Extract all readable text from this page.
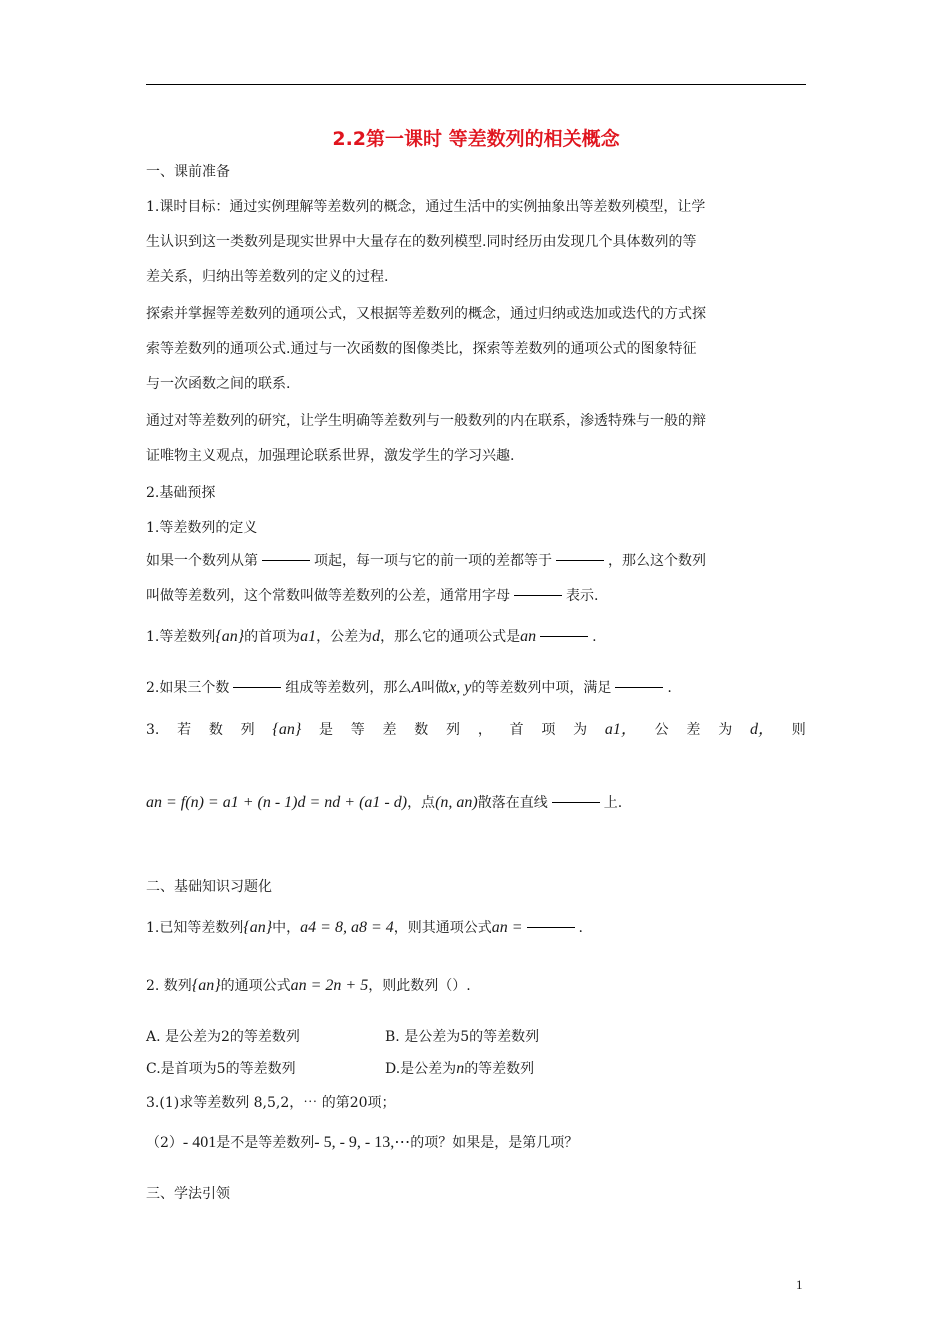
2.2第一课时 等差数列的相关概念
一、课前准备
1.课时目标：通过实例理解等差数列的概念，通过生活中的实例抽象出等差数列模型，让学
生认识到这一类数列是现实世界中大量存在的数列模型.同时经历由发现几个具体数列的等
差关系，归纳出等差数列的定义的过程.
探索并掌握等差数列的通项公式，又根据等差数列的概念，通过归纳或迭加或迭代的方式探
索等差数列的通项公式.通过与一次函数的图像类比，探索等差数列的通项公式的图象特征
与一次函数之间的联系.
通过对等差数列的研究，让学生明确等差数列与一般数列的内在联系，渗透特殊与一般的辩
证唯物主义观点，加强理论联系世界，激发学生的学习兴趣.
2.基础预探
1.等差数列的定义
如果一个数列从第	项起，每一项与它的前一项的差都等于	，那么这个数列
叫做等差数列，这个常数叫做等差数列的公差，通常用字母	表示.
1.等差数列{an}的首项为a1，公差为d，那么它的通项公式是an	.
2.如果三个数	组成等差数列，那么A叫做x, y的等差数列中项，满足	.
3. 若 数 列 {an} 是 等 差 数 列 ， 首 项 为 a1， 公 差 为 d， 则
an = f(n) = a1 + (n - 1)d = nd + (a1 - d)，点(n, an)散落在直线	上.
二、基础知识习题化
1.已知等差数列{an}中，a4 = 8, a8 = 4，则其通项公式an =	.
2. 数列{an}的通项公式an = 2n + 5，则此数列（）.
A. 是公差为2的等差数列	B. 是公差为5的等差数列
C.是首项为5的等差数列	D.是公差为n的等差数列
3.(1)求等差数列 8,5,2，⋯ 的第20项；
（2）- 401是不是等差数列- 5, - 9, - 13,⋯的项？如果是，是第几项？
三、学法引领
1
